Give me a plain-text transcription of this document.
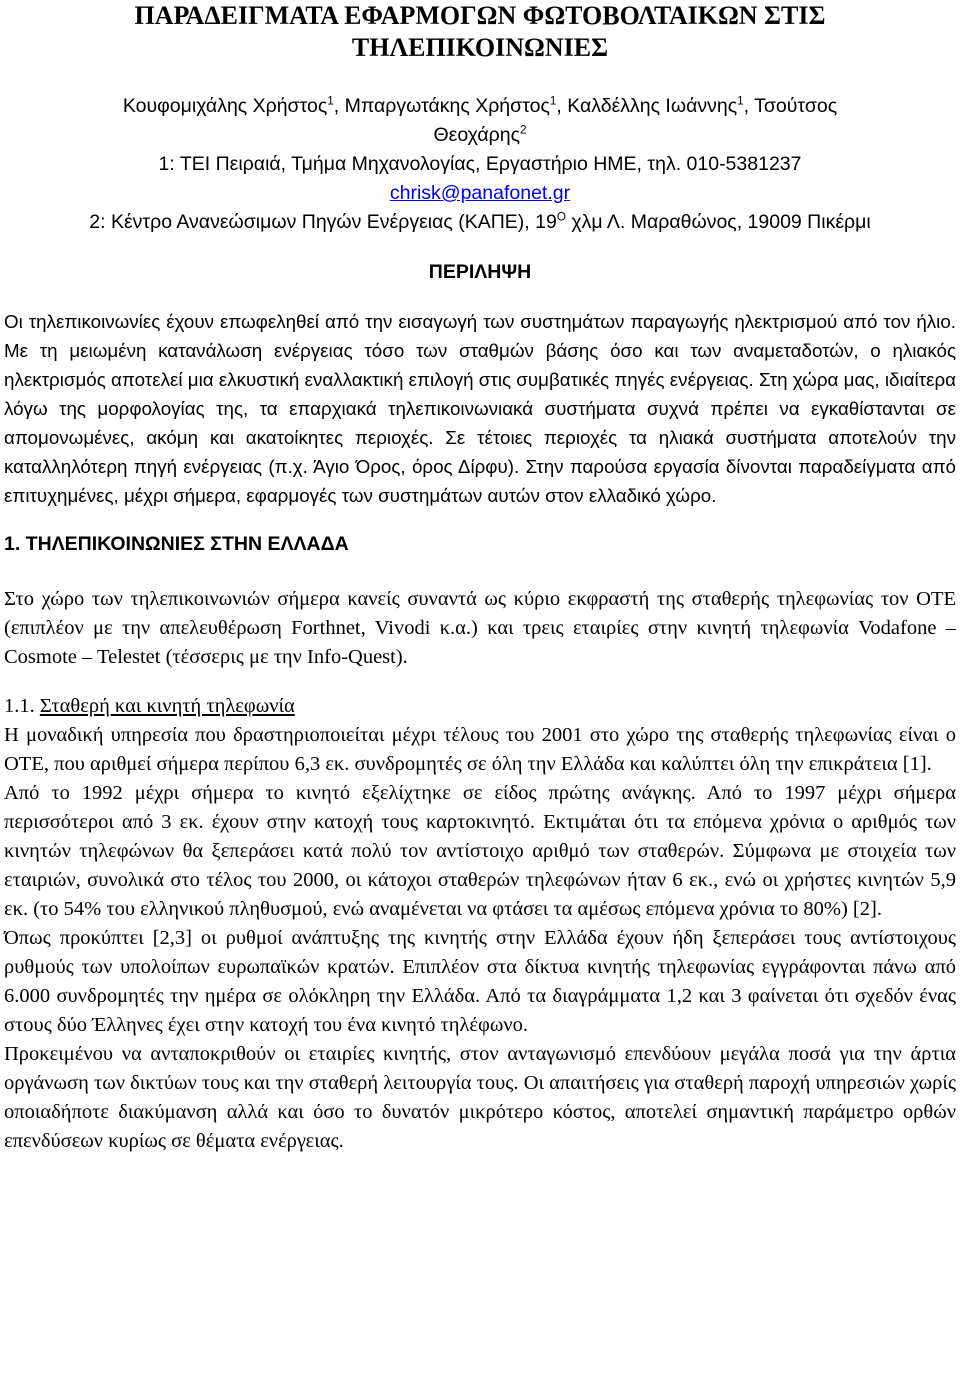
ΠΑΡΑΔΕΙΓΜΑΤΑ ΕΦΑΡΜΟΓΩΝ ΦΩΤΟΒΟΛΤΑΙΚΩΝ ΣΤΙΣ
ΤΗΛΕΠΙΚΟΙΝΩΝΙΕΣ

Κουφομιχάλης Χρήστος$^1$, Μπαργωτάκης Χρήστος$^1$, Καλδέλλης Ιωάννης$^1$, Τσούτσος
Θεοχάρης$^2$

1: ΤΕΙ Πειραιά, Τμήμα Μηχανολογίας, Εργαστήριο ΗΜΕ, τηλ. 010-5381237

chrisk@panafonet.gr

2: Κέντρο Ανανεώσιμων Πηγών Ενέργειας (ΚΑΠΕ), $19^O$ χλμ Λ. Μαραθώνος, 19009 Πικέρμι

ΠΕΡΙΛΗΨΗ

Οι τηλεπικοινωνίες έχουν επωφεληθεί από την εισαγωγή των συστημάτων παραγωγής ηλεκτρισμού από τον ήλιο. Με τη μειωμένη κατανάλωση ενέργειας τόσο των σταθμών βάσης όσο και των αναμεταδοτών, ο ηλιακός ηλεκτρισμός αποτελεί μια ελκυστική εναλλακτική επιλογή στις συμβατικές πηγές ενέργειας. Στη χώρα μας, ιδιαίτερα λόγω της μορφολογίας της, τα επαρχιακά τηλεπικοινωνιακά συστήματα συχνά πρέπει να εγκαθίστανται σε απομονωμένες, ακόμη και ακατοίκητες περιοχές. Σε τέτοιες περιοχές τα ηλιακά συστήματα αποτελούν την καταλληλότερη πηγή ενέργειας (π.χ. Άγιο Όρος, όρος Δίρφυ). Στην παρούσα εργασία δίνονται παραδείγματα από επιτυχημένες, μέχρι σήμερα, εφαρμογές των συστημάτων αυτών στον ελλαδικό χώρο.

1. ΤΗΛΕΠΙΚΟΙΝΩΝΙΕΣ ΣΤΗΝ ΕΛΛΑΔΑ

Στο χώρο των τηλεπικοινωνιών σήμερα κανείς συναντά ως κύριο εκφραστή της σταθερής τηλεφωνίας τον ΟΤΕ (επιπλέον με την απελευθέρωση Forthnet, Vivodi κ.α.) και τρεις εταιρίες στην κινητή τηλεφωνία Vodafone – Cosmote – Telestet (τέσσερις με την Info-Quest).

1.1. Σταθερή και κινητή τηλεφωνία

Η μοναδική υπηρεσία που δραστηριοποιείται μέχρι τέλους του 2001 στο χώρο της σταθερής τηλεφωνίας είναι ο ΟΤΕ, που αριθμεί σήμερα περίπου 6,3 εκ. συνδρομητές σε όλη την Ελλάδα και καλύπτει όλη την επικράτεια [1].

Από το 1992 μέχρι σήμερα το κινητό εξελίχτηκε σε είδος πρώτης ανάγκης. Από το 1997 μέχρι σήμερα περισσότεροι από 3 εκ. έχουν στην κατοχή τους καρτοκινητό. Εκτιμάται ότι τα επόμενα χρόνια ο αριθμός των κινητών τηλεφώνων θα ξεπεράσει κατά πολύ τον αντίστοιχο αριθμό των σταθερών. Σύμφωνα με στοιχεία των εταιριών, συνολικά στο τέλος του 2000, οι κάτοχοι σταθερών τηλεφώνων ήταν 6 εκ., ενώ οι χρήστες κινητών 5,9 εκ. (το 54% του ελληνικού πληθυσμού, ενώ αναμένεται να φτάσει τα αμέσως επόμενα χρόνια το 80%) [2].

Όπως προκύπτει [2,3] οι ρυθμοί ανάπτυξης της κινητής στην Ελλάδα έχουν ήδη ξεπεράσει τους αντίστοιχους ρυθμούς των υπολοίπων ευρωπαϊκών κρατών. Επιπλέον στα δίκτυα κινητής τηλεφωνίας εγγράφονται πάνω από 6.000 συνδρομητές την ημέρα σε ολόκληρη την Ελλάδα. Από τα διαγράμματα 1,2 και 3 φαίνεται ότι σχεδόν ένας στους δύο Έλληνες έχει στην κατοχή του ένα κινητό τηλέφωνο.

Προκειμένου να ανταποκριθούν οι εταιρίες κινητής, στον ανταγωνισμό επενδύουν μεγάλα ποσά για την άρτια οργάνωση των δικτύων τους και την σταθερή λειτουργία τους. Οι απαιτήσεις για σταθερή παροχή υπηρεσιών χωρίς οποιαδήποτε διακύμανση αλλά και όσο το δυνατόν μικρότερο κόστος, αποτελεί σημαντική παράμετρο ορθών επενδύσεων κυρίως σε θέματα ενέργειας.
